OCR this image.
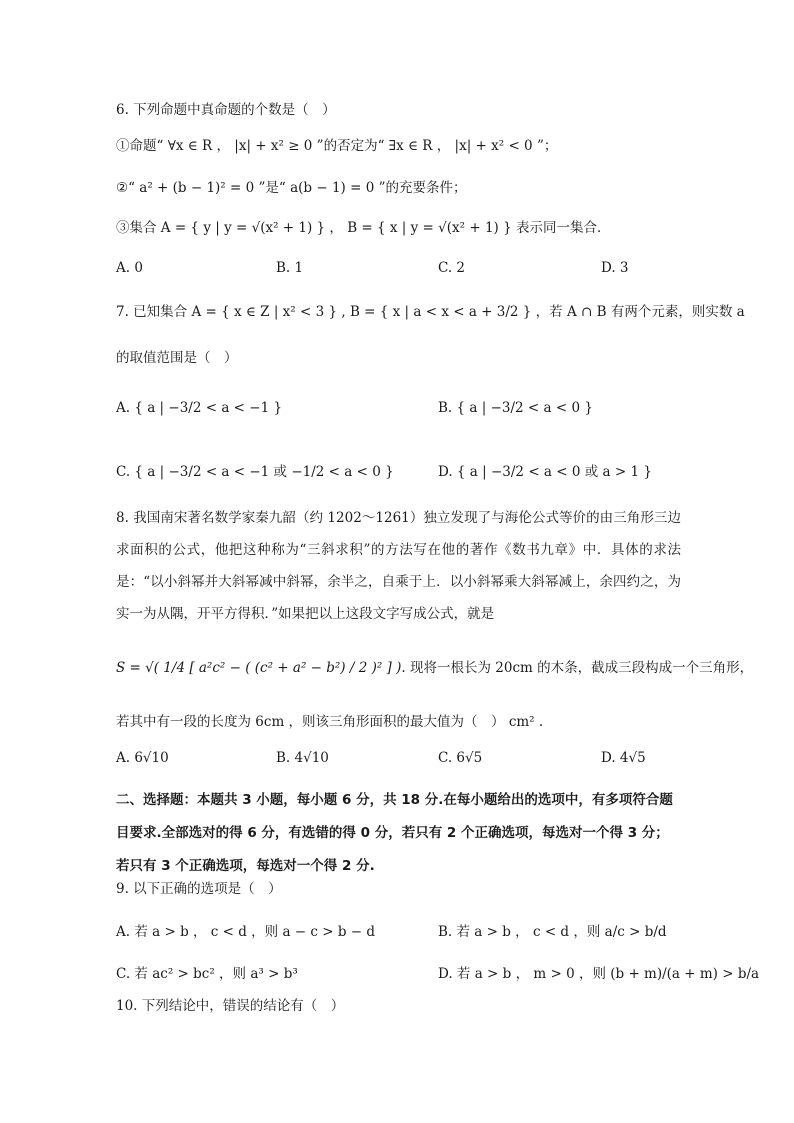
6. 下列命题中真命题的个数是（　）
①命题“ ∀x ∈ R ， |x| + x² ≥ 0 ”的否定为“ ∃x ∈ R ， |x| + x² < 0 ”；
②“ a² + (b − 1)² = 0 ”是“ a(b − 1) = 0 ”的充要条件；
③集合 A = { y | y = √(x² + 1) } ， B = { x | y = √(x² + 1) } 表示同一集合．
A. 0	B. 1	C. 2	D. 3
7. 已知集合 A = { x ∈ Z | x² < 3 } , B = { x | a < x < a + 3/2 } ，若 A ∩ B 有两个元素，则实数 a
的取值范围是（　）
A. { a | −3/2 < a < −1 }	B. { a | −3/2 < a < 0 }
C. { a | −3/2 < a < −1 或 −1/2 < a < 0 }	D. { a | −3/2 < a < 0 或 a > 1 }
8. 我国南宋著名数学家秦九韶（约 1202～1261）独立发现了与海伦公式等价的由三角形三边求面积的公式，他把这种称为“三斜求积”的方法写在他的著作《数书九章》中．具体的求法是：“以小斜幂并大斜幂减中斜幂，余半之，自乘于上．以小斜幂乘大斜幂减上，余四约之，为实一为从隅，开平方得积．”如果把以上这段文字写成公式，就是
S = √( 1/4 [ a²c² − ( (c² + a² − b²) / 2 )² ] ). 现将一根长为 20cm 的木条，截成三段构成一个三角形，
若其中有一段的长度为 6cm ，则该三角形面积的最大值为（　） cm² .
A. 6√10	B. 4√10	C. 6√5	D. 4√5
二、选择题：本题共 3 小题，每小题 6 分，共 18 分.在每小题给出的选项中，有多项符合题目要求.全部选对的得 6 分，有选错的得 0 分，若只有 2 个正确选项，每选对一个得 3 分；若只有 3 个正确选项，每选对一个得 2 分.
9. 以下正确的选项是（　）
A. 若 a > b ， c < d ，则 a − c > b − d	B. 若 a > b ， c < d ，则 a/c > b/d
C. 若 ac² > bc² ，则 a³ > b³	D. 若 a > b ， m > 0 ，则 (b + m)/(a + m) > b/a
10. 下列结论中，错误的结论有（　）
